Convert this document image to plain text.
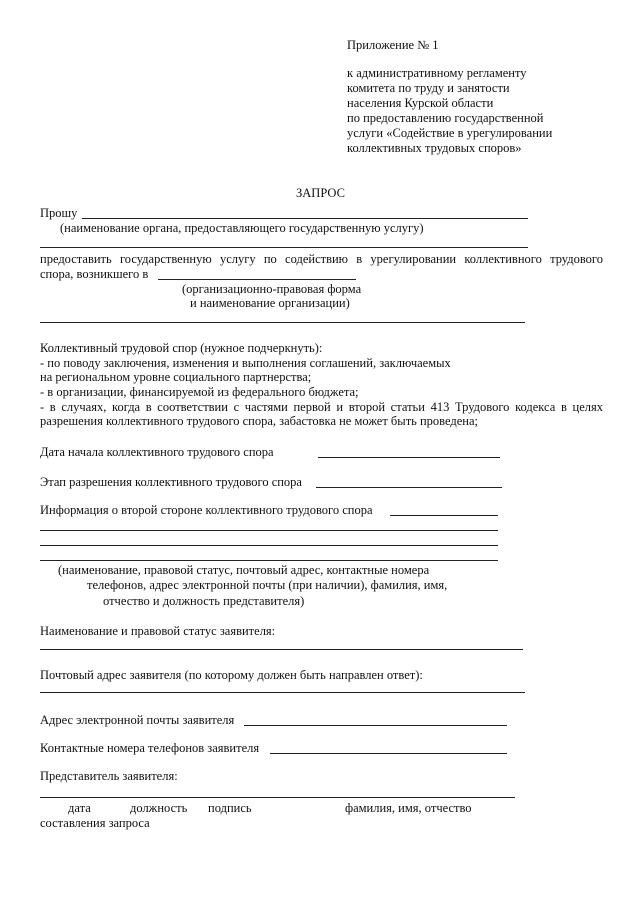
Приложение № 1
к административному регламенту
комитета по труду и занятости
населения Курской области
по предоставлению государственной
услуги «Содействие в урегулировании
коллективных трудовых споров»
ЗАПРОС
Прошу
(наименование органа, предоставляющего государственную услугу)
предоставить государственную услугу по содействию в урегулировании коллективного трудового
спора, возникшего в
(организационно-правовая форма
и наименование организации)
Коллективный трудовой спор (нужное подчеркнуть):
- по поводу заключения, изменения и выполнения соглашений, заключаемых
на региональном уровне социального партнерства;
- в организации, финансируемой из федерального бюджета;
- в случаях, когда в соответствии с частями первой и второй статьи 413 Трудового кодекса в целях
разрешения коллективного трудового спора, забастовка не может быть проведена;
Дата начала коллективного трудового спора
Этап разрешения коллективного трудового спора
Информация о второй стороне коллективного трудового спора
(наименование, правовой статус, почтовый адрес, контактные номера
телефонов, адрес электронной почты (при наличии), фамилия, имя,
отчество и должность представителя)
Наименование и правовой статус заявителя:
Почтовый адрес заявителя (по которому должен быть направлен ответ):
Адрес электронной почты заявителя
Контактные номера телефонов заявителя
Представитель заявителя:
дата	должность подпись	фамилия, имя, отчество
составления запроса
